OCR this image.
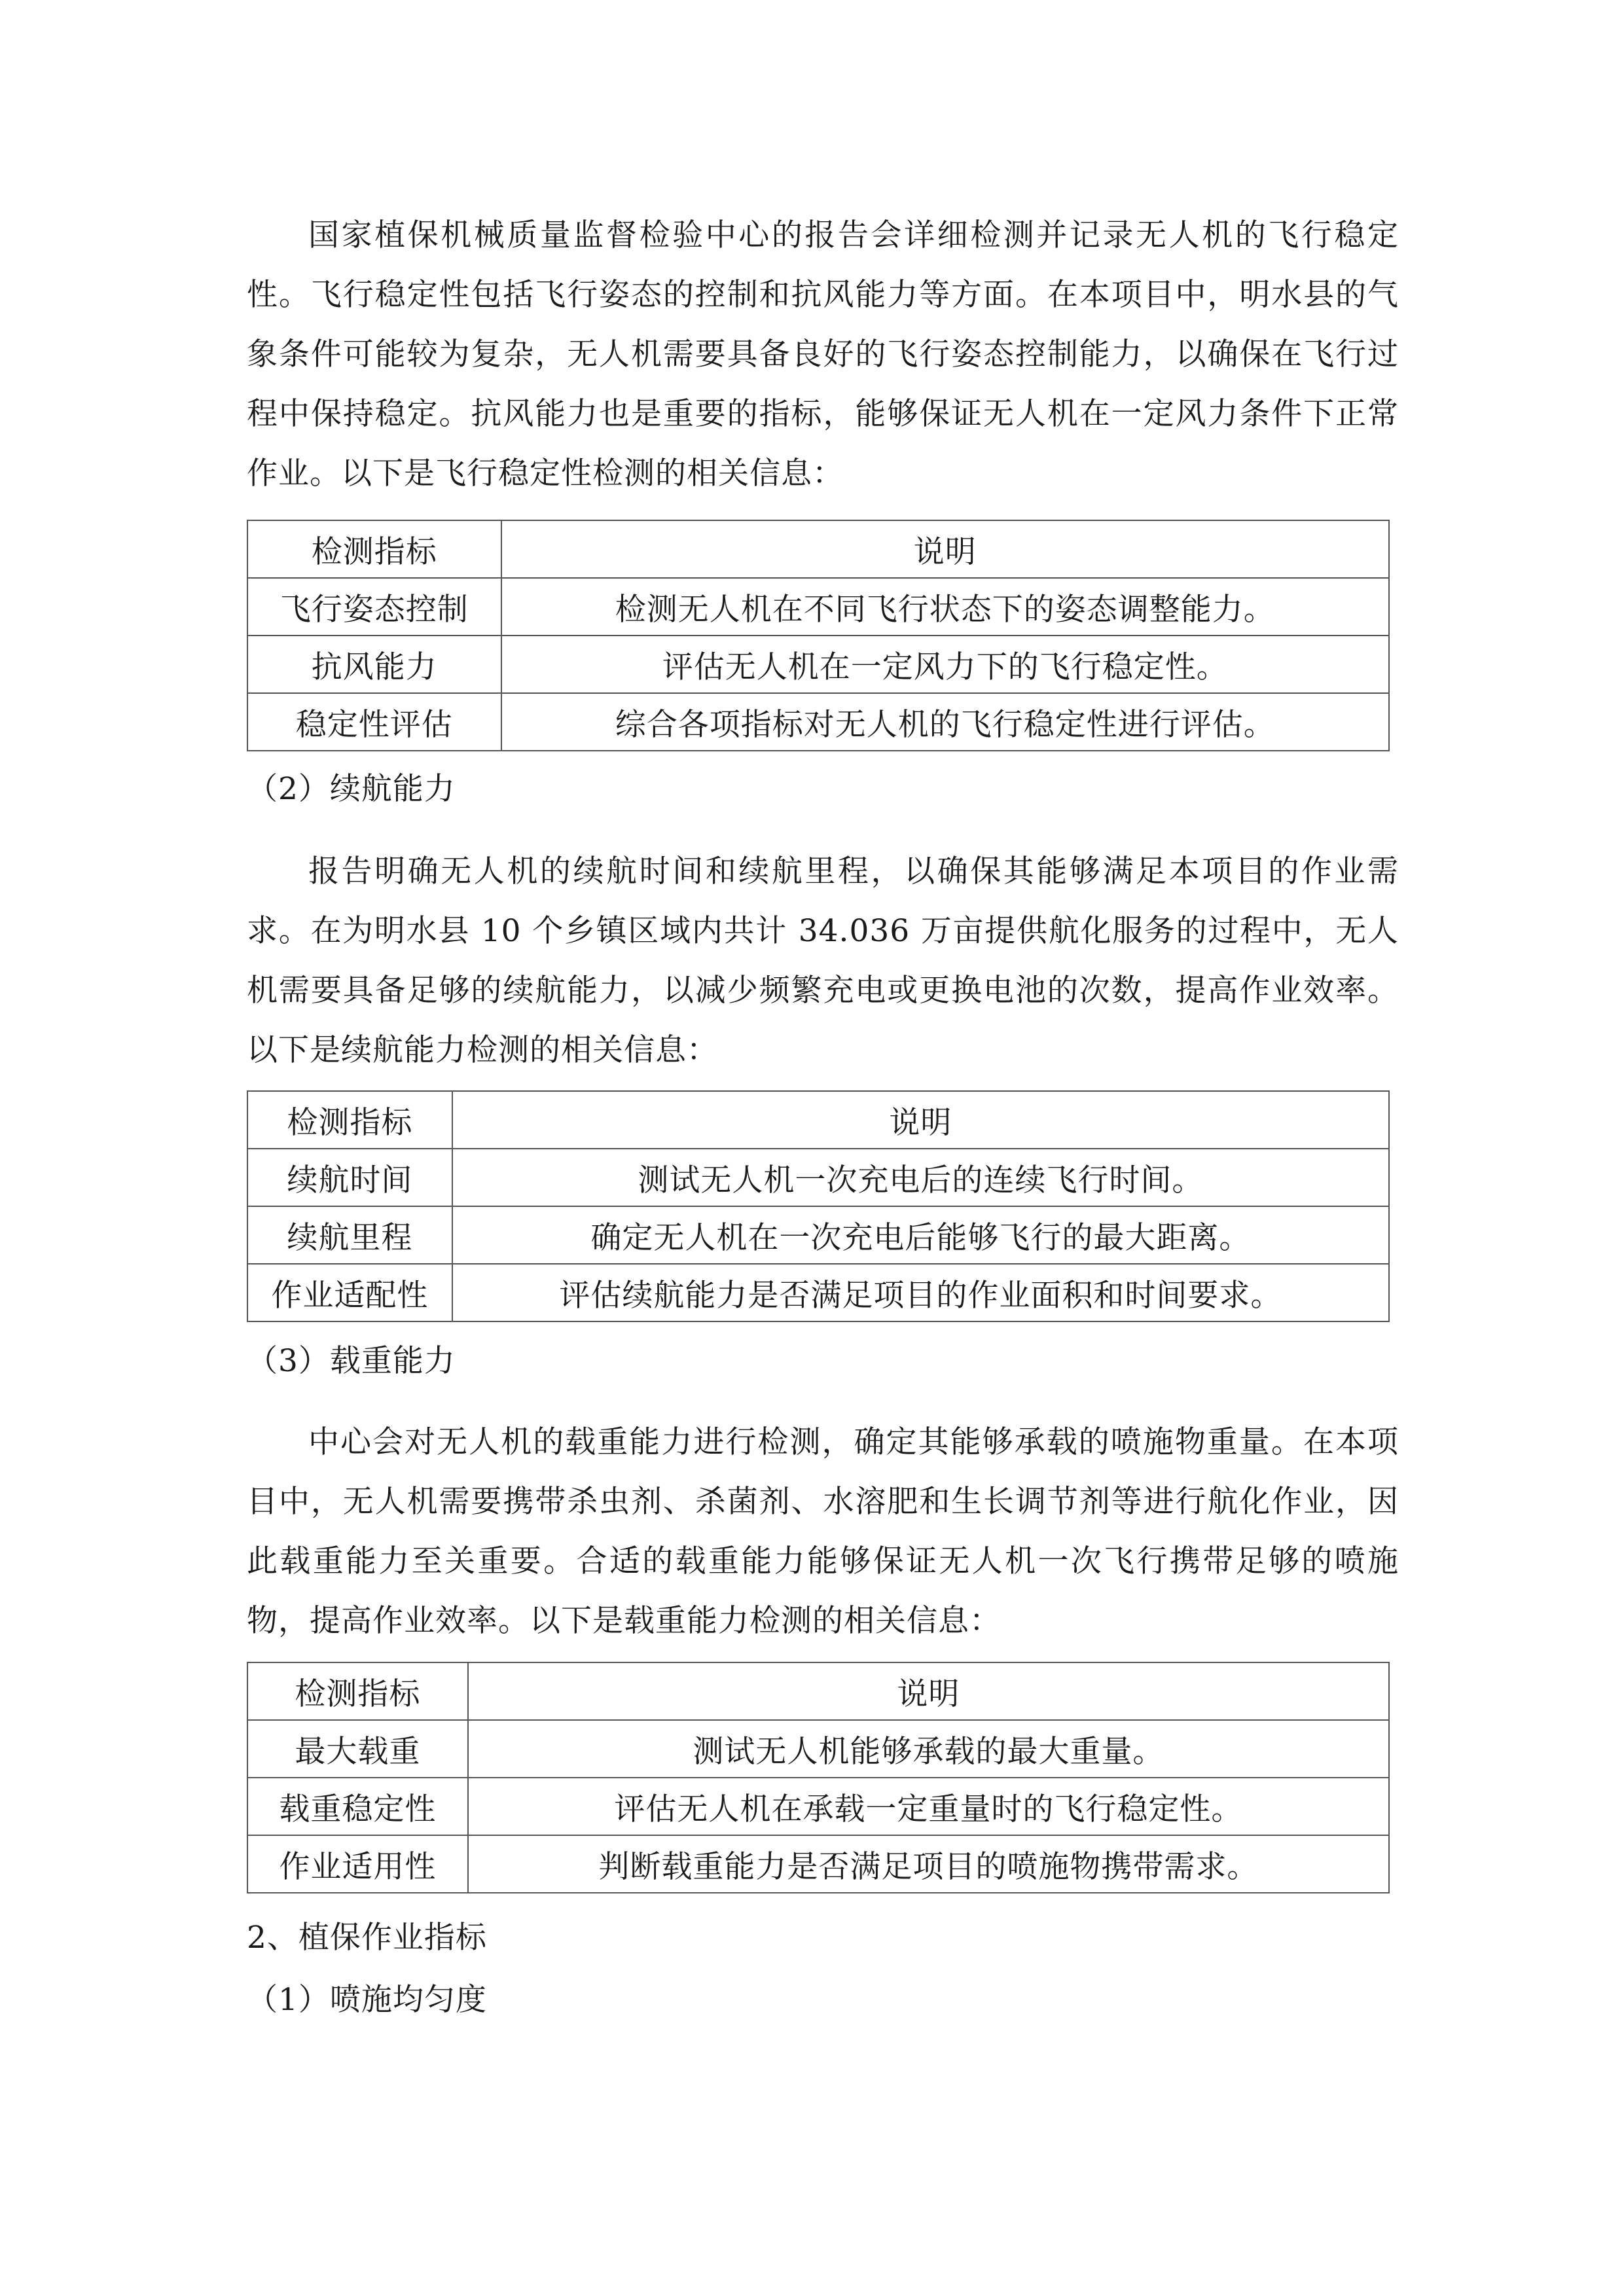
国家植保机械质量监督检验中心的报告会详细检测并记录无人机的飞行稳定性。飞行稳定性包括飞行姿态的控制和抗风能力等方面。在本项目中，明水县的气象条件可能较为复杂，无人机需要具备良好的飞行姿态控制能力，以确保在飞行过程中保持稳定。抗风能力也是重要的指标，能够保证无人机在一定风力条件下正常作业。以下是飞行稳定性检测的相关信息：

检测指标	说明
飞行姿态控制	检测无人机在不同飞行状态下的姿态调整能力。
抗风能力	评估无人机在一定风力下的飞行稳定性。
稳定性评估	综合各项指标对无人机的飞行稳定性进行评估。
（2）续航能力

报告明确无人机的续航时间和续航里程，以确保其能够满足本项目的作业需求。在为明水县 10 个乡镇区域内共计 34.036 万亩提供航化服务的过程中，无人机需要具备足够的续航能力，以减少频繁充电或更换电池的次数，提高作业效率。以下是续航能力检测的相关信息：

检测指标	说明
续航时间	测试无人机一次充电后的连续飞行时间。
续航里程	确定无人机在一次充电后能够飞行的最大距离。
作业适配性	评估续航能力是否满足项目的作业面积和时间要求。
（3）载重能力

中心会对无人机的载重能力进行检测，确定其能够承载的喷施物重量。在本项目中，无人机需要携带杀虫剂、杀菌剂、水溶肥和生长调节剂等进行航化作业，因此载重能力至关重要。合适的载重能力能够保证无人机一次飞行携带足够的喷施物，提高作业效率。以下是载重能力检测的相关信息：

检测指标	说明
最大载重	测试无人机能够承载的最大重量。
载重稳定性	评估无人机在承载一定重量时的飞行稳定性。
作业适用性	判断载重能力是否满足项目的喷施物携带需求。
2、植保作业指标
（1）喷施均匀度
